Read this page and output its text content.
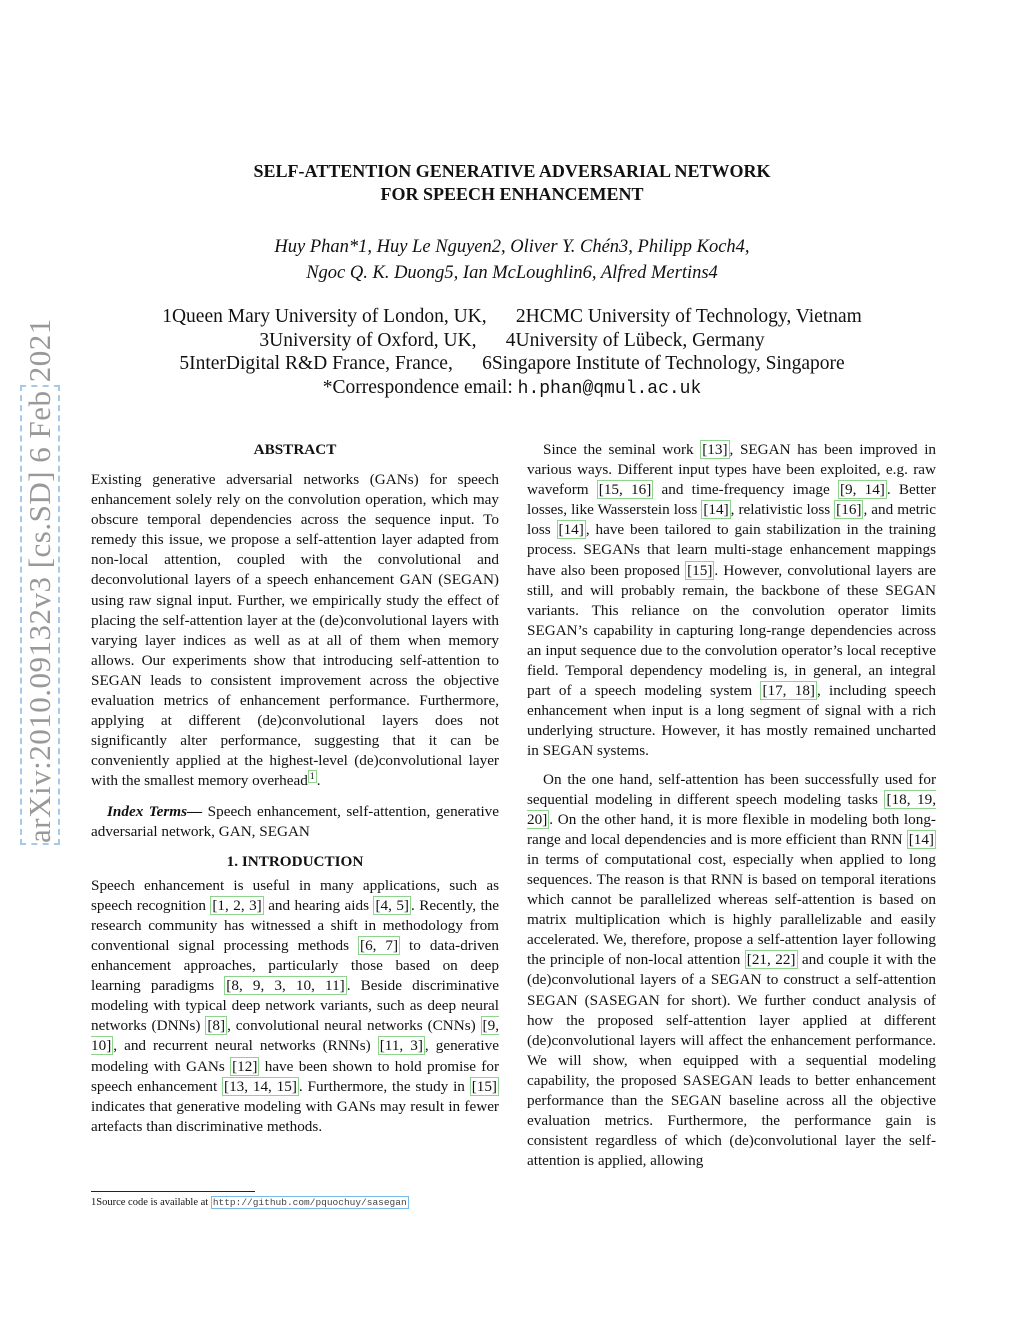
arXiv:2010.09132v3 [cs.SD] 6 Feb 2021
SELF-ATTENTION GENERATIVE ADVERSARIAL NETWORK
FOR SPEECH ENHANCEMENT
Huy Phan*1, Huy Le Nguyen2, Oliver Y. Chén3, Philipp Koch4,
Ngoc Q. K. Duong5, Ian McLoughlin6, Alfred Mertins4
1Queen Mary University of London, UK,      2HCMC University of Technology, Vietnam
3University of Oxford, UK,      4University of Lübeck, Germany
5InterDigital R&D France, France,      6Singapore Institute of Technology, Singapore
*Correspondence email: h.phan@qmul.ac.uk
ABSTRACT

Existing generative adversarial networks (GANs) for speech enhancement solely rely on the convolution operation, which may obscure temporal dependencies across the sequence input. To remedy this issue, we propose a self-attention layer adapted from non-local attention, coupled with the convolutional and deconvolutional layers of a speech enhancement GAN (SEGAN) using raw signal input. Further, we empirically study the effect of placing the self-attention layer at the (de)convolutional layers with varying layer indices as well as at all of them when memory allows. Our experiments show that introducing self-attention to SEGAN leads to consistent improvement across the objective evaluation metrics of enhancement performance. Furthermore, applying at different (de)convolutional layers does not significantly alter performance, suggesting that it can be conveniently applied at the highest-level (de)convolutional layer with the smallest memory overhead $^1$ .

Index Terms— Speech enhancement, self-attention, generative adversarial network, GAN, SEGAN

1. INTRODUCTION

Speech enhancement is useful in many applications, such as speech recognition [1, 2, 3] and hearing aids [4, 5] . Recently, the research community has witnessed a shift in methodology from conventional signal processing methods [6, 7] to data-driven enhancement approaches, particularly those based on deep learning paradigms [8, 9, 3, 10, 11] . Beside discriminative modeling with typical deep network variants, such as deep neural networks (DNNs) [8] , convolutional neural networks (CNNs) [9, 10] , and recurrent neural networks (RNNs) [11, 3] , generative modeling with GANs [12] have been shown to hold promise for speech enhancement [13, 14, 15] . Furthermore, the study in [15] indicates that generative modeling with GANs may result in fewer artefacts than discriminative methods.

1Source code is available at http://github.com/pquochuy/sasegan

Since the seminal work [13] , SEGAN has been improved in various ways. Different input types have been exploited, e.g. raw waveform [15, 16] and time-frequency image [9, 14] . Better losses, like Wasserstein loss [14] , relativistic loss [16] , and metric loss [14] , have been tailored to gain stabilization in the training process. SEGANs that learn multi-stage enhancement mappings have also been proposed [15] . However, convolutional layers are still, and will probably remain, the backbone of these SEGAN variants. This reliance on the convolution operator limits SEGAN’s capability in capturing long-range dependencies across an input sequence due to the convolution operator’s local receptive field. Temporal dependency modeling is, in general, an integral part of a speech modeling system [17, 18] , including speech enhancement when input is a long segment of signal with a rich underlying structure. However, it has mostly remained uncharted in SEGAN systems.

On the one hand, self-attention has been successfully used for sequential modeling in different speech modeling tasks [18, 19, 20] . On the other hand, it is more flexible in modeling both long-range and local dependencies and is more efficient than RNN [14] in terms of computational cost, especially when applied to long sequences. The reason is that RNN is based on temporal iterations which cannot be parallelized whereas self-attention is based on matrix multiplication which is highly parallelizable and easily accelerated. We, therefore, propose a self-attention layer following the principle of non-local attention [21, 22] and couple it with the (de)convolutional layers of a SEGAN to construct a self-attention SEGAN (SASEGAN for short). We further conduct analysis of how the proposed self-attention layer applied at different (de)convolutional layers will affect the enhancement performance. We will show, when equipped with a sequential modeling capability, the proposed SASEGAN leads to better enhancement performance than the SEGAN baseline across all the objective evaluation metrics. Furthermore, the performance gain is consistent regardless of which (de)convolutional layer the self-attention is applied, allowing
